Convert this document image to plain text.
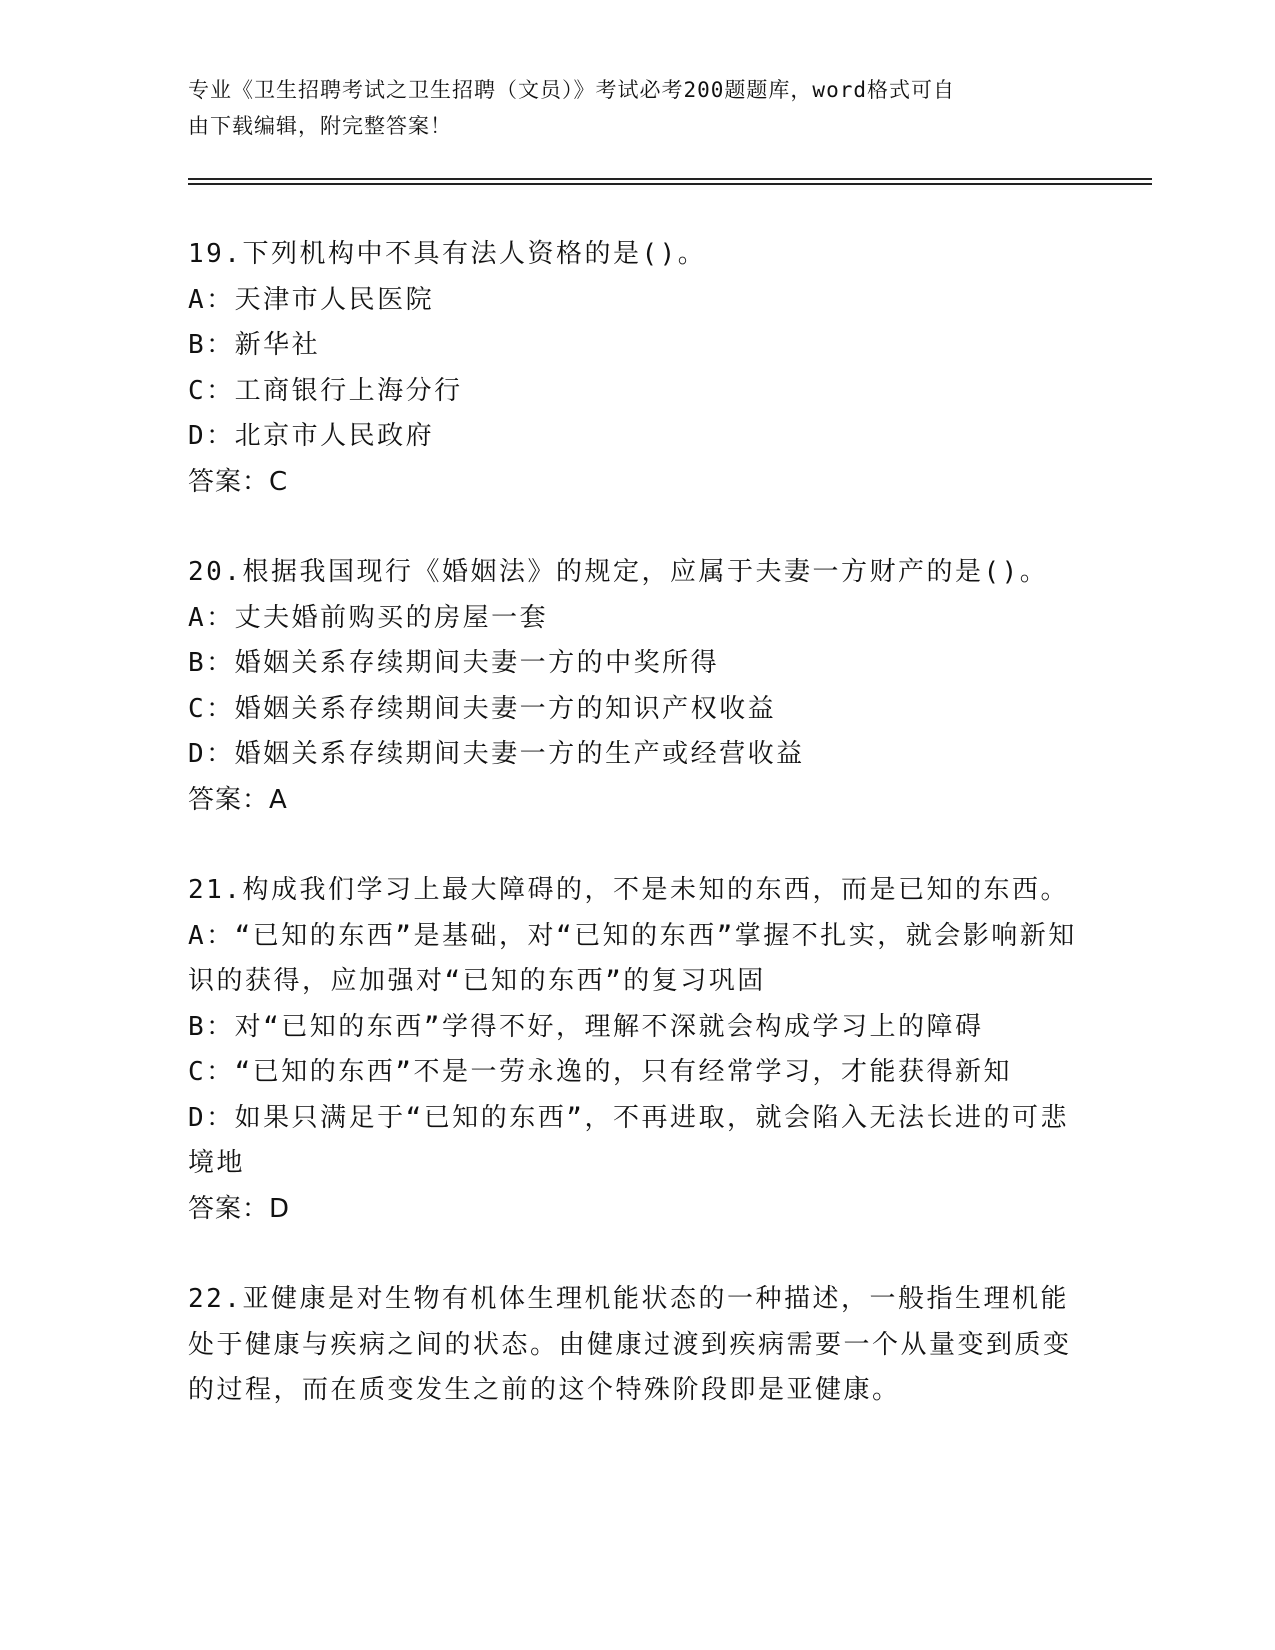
专业《卫生招聘考试之卫生招聘（文员）》考试必考200题题库，word格式可自
由下载编辑，附完整答案！

19.下列机构中不具有法人资格的是()。

A：天津市人民医院

B：新华社

C：工商银行上海分行

D：北京市人民政府

答案：C

20.根据我国现行《婚姻法》的规定，应属于夫妻一方财产的是()。

A：丈夫婚前购买的房屋一套

B：婚姻关系存续期间夫妻一方的中奖所得

C：婚姻关系存续期间夫妻一方的知识产权收益

D：婚姻关系存续期间夫妻一方的生产或经营收益

答案：A

21.构成我们学习上最大障碍的，不是未知的东西，而是已知的东西。

A：“已知的东西”是基础，对“已知的东西”掌握不扎实，就会影响新知识的获得，应加强对“已知的东西”的复习巩固

B：对“已知的东西”学得不好，理解不深就会构成学习上的障碍

C：“已知的东西”不是一劳永逸的，只有经常学习，才能获得新知

D：如果只满足于“已知的东西”，不再进取，就会陷入无法长进的可悲境地

答案：D

22.亚健康是对生物有机体生理机能状态的一种描述，一般指生理机能处于健康与疾病之间的状态。由健康过渡到疾病需要一个从量变到质变的过程，而在质变发生之前的这个特殊阶段即是亚健康。
